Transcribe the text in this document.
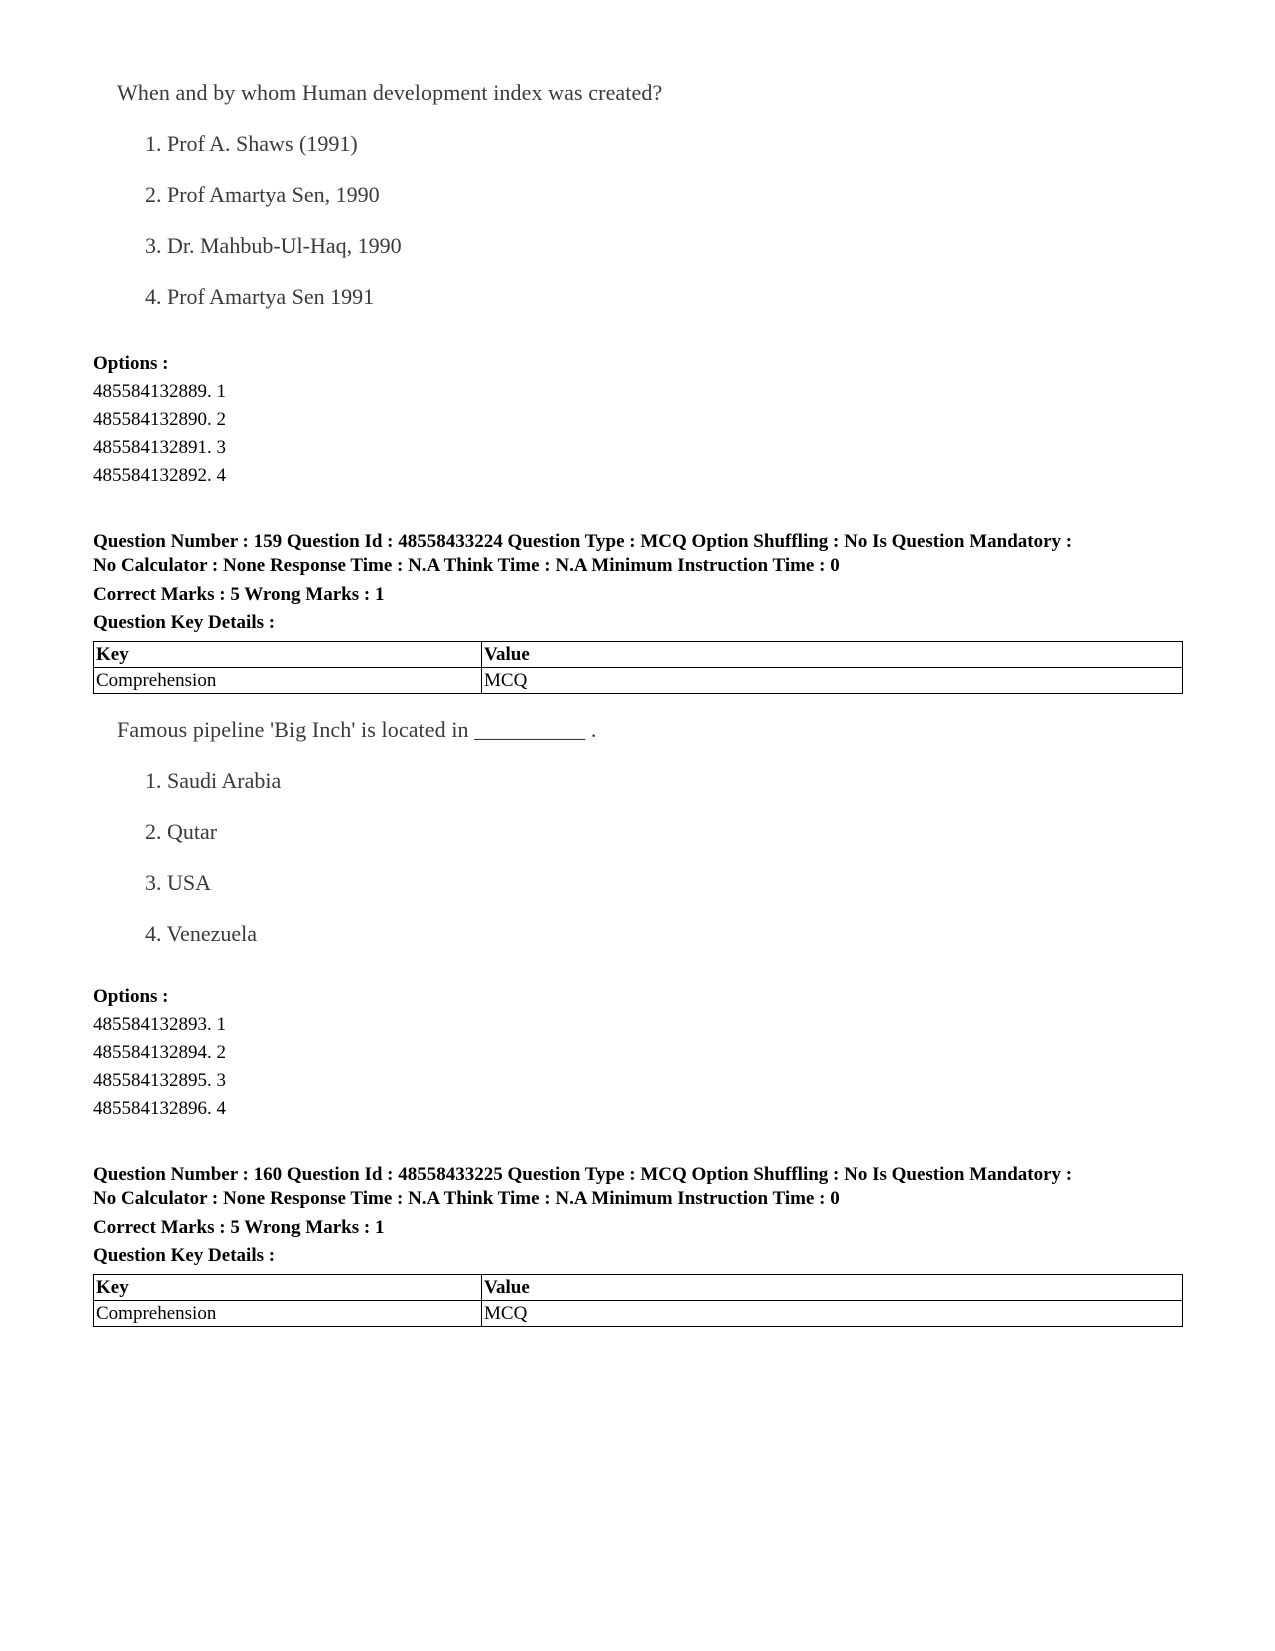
When and by whom Human development index was created?
1. Prof A. Shaws (1991)
2. Prof Amartya Sen, 1990
3. Dr. Mahbub-Ul-Haq, 1990
4. Prof Amartya Sen 1991
Options :
485584132889. 1
485584132890. 2
485584132891. 3
485584132892. 4
Question Number : 159 Question Id : 48558433224 Question Type : MCQ Option Shuffling : No Is Question Mandatory :
No Calculator : None Response Time : N.A Think Time : N.A Minimum Instruction Time : 0
Correct Marks : 5 Wrong Marks : 1
Question Key Details :
Key	Value
Comprehension	MCQ
Famous pipeline 'Big Inch' is located in __________ .
1. Saudi Arabia
2. Qutar
3. USA
4. Venezuela
Options :
485584132893. 1
485584132894. 2
485584132895. 3
485584132896. 4
Question Number : 160 Question Id : 48558433225 Question Type : MCQ Option Shuffling : No Is Question Mandatory :
No Calculator : None Response Time : N.A Think Time : N.A Minimum Instruction Time : 0
Correct Marks : 5 Wrong Marks : 1
Question Key Details :
Key	Value
Comprehension	MCQ
